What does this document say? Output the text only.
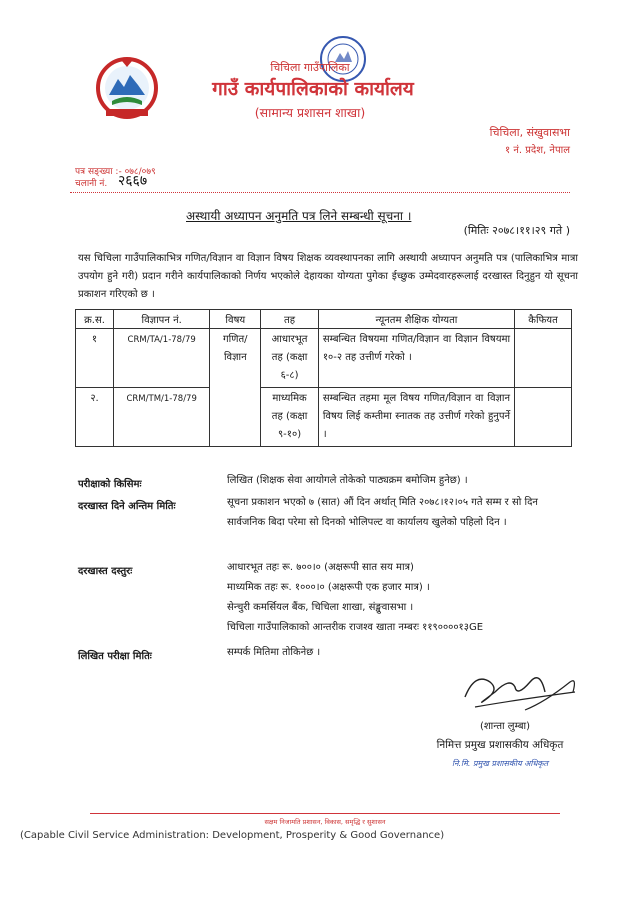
चिचिला गाउँपालिका
गाउँ कार्यपालिकाको कार्यालय
(सामान्य प्रशासन शाखा)
चिचिला, संखुवासभा
१ नं. प्रदेश, नेपाल
पत्र सङ्ख्या :- ०७८/०७९
चलानी नं. २६६७
अस्थायी अध्यापन अनुमति पत्र लिने सम्बन्धी सूचना ।
(मितिः २०७८।११।२९ गते )
यस चिचिला गाउँपालिकाभित्र गणित/विज्ञान वा विज्ञान विषय शिक्षक व्यवस्थापनका लागि अस्थायी अध्यापन अनुमति पत्र (पालिकाभित्र मात्रा उपयोग हुने गरी) प्रदान गरीने कार्यपालिकाको निर्णय भएकोले देहायका योग्यता पुगेका ईच्छुक उम्मेदवारहरूलाई दरखास्त दिनुहुन यो सूचना प्रकाशन गरिएको छ ।
क्र.स.	विज्ञापन नं.	विषय	तह	न्यूनतम शैक्षिक योग्यता	कैफियत
१	CRM/TA/1-78/79	गणित/विज्ञान	आधारभूत तह (कक्षा ६-८)	सम्बन्धित विषयमा गणित/विज्ञान वा विज्ञान विषयमा १०-२ तह उत्तीर्ण गरेको ।	
२.	CRM/TM/1-78/79		माध्यमिक तह (कक्षा ९-१०)	सम्बन्धित तहमा मूल विषय गणित/विज्ञान वा विज्ञान विषय लिई कम्तीमा स्नातक तह उत्तीर्ण गरेको हुनुपर्ने ।	
परीक्षाको किसिमः	लिखित (शिक्षक सेवा आयोगले तोकेको पाठ्यक्रम बमोजिम हुनेछ) ।
दरखास्त दिने अन्तिम मितिः	सूचना प्रकाशन भएको ७ (सात) औं दिन अर्थात् मिति २०७८।१२।०५ गते सम्म र सो दिन सार्वजनिक बिदा परेमा सो दिनको भोलिपल्ट वा कार्यालय खुलेको पहिलो दिन ।
दरखास्त दस्तुरः	आधारभूत तहः रू. ७००।० (अक्षरूपी सात सय मात्र)
माध्यमिक तहः रू. १०००।० (अक्षरूपी एक हजार मात्र) ।
सेन्चुरी कमर्सियल बैंक, चिचिला शाखा, संङ्खुवासभा ।
चिचिला गाउँपालिकाको आन्तरीक राजश्व खाता नम्बरः ११९००००१३GE
लिखित परीक्षा मितिः	सम्पर्क मितिमा तोकिनेछ ।
(शान्ता लुम्बा)
निमित्त प्रमुख प्रशासकीय अधिकृत
नि.मि. प्रमुख प्रशासकीय अधिकृत
सक्षम निजामति प्रशासन, विकास, समृद्धि र सुशासन
(Capable Civil Service Administration: Development, Prosperity & Good Governance)
